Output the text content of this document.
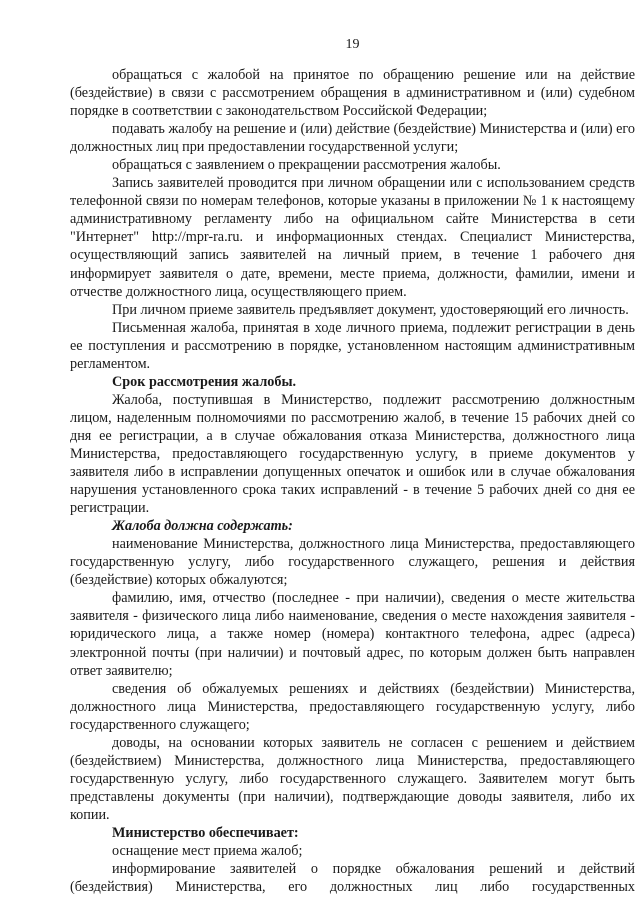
19

обращаться с жалобой на принятое по обращению решение или на действие (бездействие) в связи с рассмотрением обращения в административном и (или) судебном порядке в соответствии с законодательством Российской Федерации;

подавать жалобу на решение и (или) действие (бездействие) Министерства и (или) его должностных лиц при предоставлении государственной услуги;

обращаться с заявлением о прекращении рассмотрения жалобы.

Запись заявителей проводится при личном обращении или с использованием средств телефонной связи по номерам телефонов, которые указаны в приложении № 1 к настоящему административному регламенту либо на официальном сайте Министерства в сети "Интернет" http://mpr-ra.ru. и информационных стендах. Специалист Министерства, осуществляющий запись заявителей на личный прием, в течение 1 рабочего дня информирует заявителя о дате, времени, месте приема, должности, фамилии, имени и отчестве должностного лица, осуществляющего прием.

При личном приеме заявитель предъявляет документ, удостоверяющий его личность.

Письменная жалоба, принятая в ходе личного приема, подлежит регистрации в день ее поступления и рассмотрению в порядке, установленном настоящим административным регламентом.

Срок рассмотрения жалобы.

Жалоба, поступившая в Министерство, подлежит рассмотрению должностным лицом, наделенным полномочиями по рассмотрению жалоб, в течение 15 рабочих дней со дня ее регистрации, а в случае обжалования отказа Министерства, должностного лица Министерства, предоставляющего государственную услугу, в приеме документов у заявителя либо в исправлении допущенных опечаток и ошибок или в случае обжалования нарушения установленного срока таких исправлений - в течение 5 рабочих дней со дня ее регистрации.

Жалоба должна содержать:

наименование Министерства, должностного лица Министерства, предоставляющего государственную услугу, либо государственного служащего, решения и действия (бездействие) которых обжалуются;

фамилию, имя, отчество (последнее - при наличии), сведения о месте жительства заявителя - физического лица либо наименование, сведения о месте нахождения заявителя - юридического лица, а также номер (номера) контактного телефона, адрес (адреса) электронной почты (при наличии) и почтовый адрес, по которым должен быть направлен ответ заявителю;

сведения об обжалуемых решениях и действиях (бездействии) Министерства, должностного лица Министерства, предоставляющего государственную услугу, либо государственного служащего;

доводы, на основании которых заявитель не согласен с решением и действием (бездействием) Министерства, должностного лица Министерства, предоставляющего государственную услугу, либо государственного служащего. Заявителем могут быть представлены документы (при наличии), подтверждающие доводы заявителя, либо их копии.

Министерство обеспечивает:

оснащение мест приема жалоб;

информирование заявителей о порядке обжалования решений и действий (бездействия) Министерства, его должностных лиц либо государственных
